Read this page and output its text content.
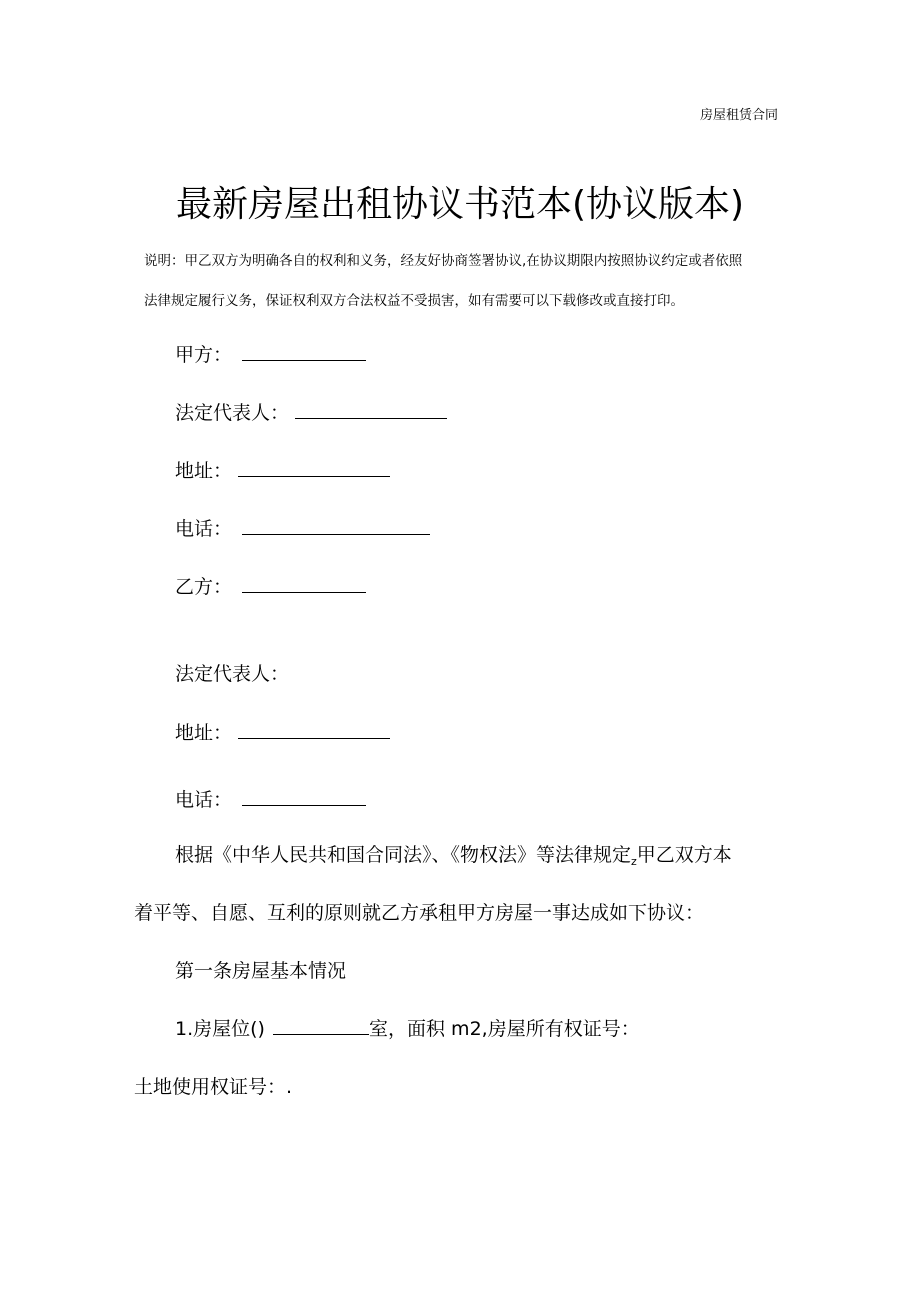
房屋租赁合同
最新房屋出租协议书范本(协议版本)
说明：甲乙双方为明确各自的权利和义务，经友好协商签署协议,在协议期限内按照协议约定或者依照
法律规定履行义务，保证权利双方合法权益不受损害，如有需要可以下载修改或直接打印。
甲方：
法定代表人：
地址：
电话：
乙方：
法定代表人：
地址：
电话：
根据《中华人民共和国合同法》、《物权法》等法律规定$_z$甲乙双方本
着平等、自愿、互利的原则就乙方承租甲方房屋一事达成如下协议：
第一条房屋基本情况
1.房屋位()	室，面积 m2,房屋所有权证号：
土地使用权证号：.
